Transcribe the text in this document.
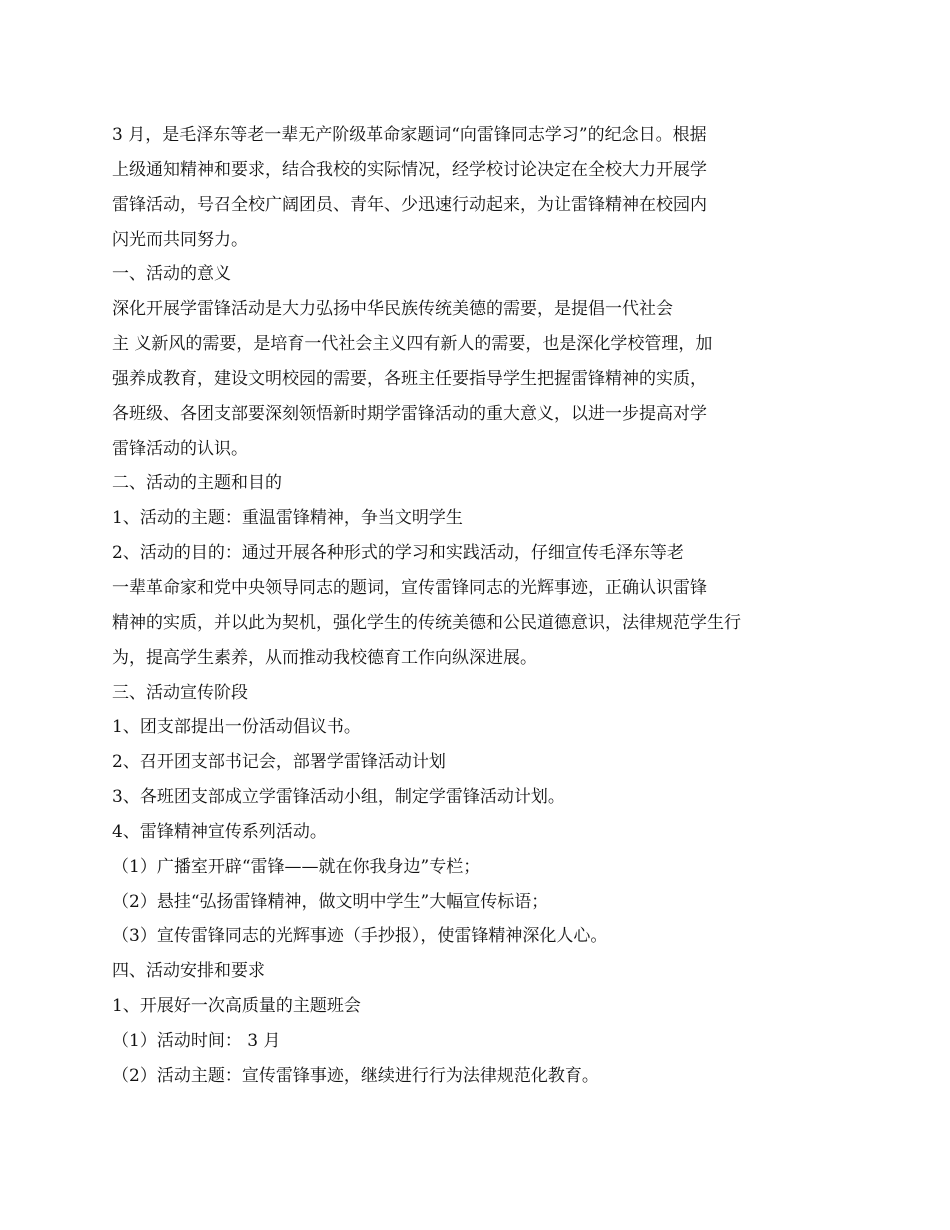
3 月，是毛泽东等老一辈无产阶级革命家题词“向雷锋同志学习”的纪念日。根据
上级通知精神和要求，结合我校的实际情况，经学校讨论决定在全校大力开展学
雷锋活动，号召全校广阔团员、青年、少迅速行动起来，为让雷锋精神在校园内
闪光而共同努力。
一、活动的意义
深化开展学雷锋活动是大力弘扬中华民族传统美德的需要，是提倡一代社会
主 义新风的需要，是培育一代社会主义四有新人的需要，也是深化学校管理，加
强养成教育，建设文明校园的需要，各班主任要指导学生把握雷锋精神的实质，
各班级、各团支部要深刻领悟新时期学雷锋活动的重大意义，以进一步提高对学
雷锋活动的认识。
二、活动的主题和目的
1、活动的主题：重温雷锋精神，争当文明学生
2、活动的目的：通过开展各种形式的学习和实践活动，仔细宣传毛泽东等老
一辈革命家和党中央领导同志的题词，宣传雷锋同志的光辉事迹，正确认识雷锋
精神的实质，并以此为契机，强化学生的传统美德和公民道德意识，法律规范学生行
为，提高学生素养，从而推动我校德育工作向纵深进展。
三、活动宣传阶段
1、团支部提出一份活动倡议书。
2、召开团支部书记会，部署学雷锋活动计划
3、各班团支部成立学雷锋活动小组，制定学雷锋活动计划。
4、雷锋精神宣传系列活动。
（1）广播室开辟“雷锋——就在你我身边”专栏；
（2）悬挂“弘扬雷锋精神，做文明中学生”大幅宣传标语；
（3）宣传雷锋同志的光辉事迹（手抄报），使雷锋精神深化人心。
四、活动安排和要求
1、开展好一次高质量的主题班会
（1）活动时间： 3 月
（2）活动主题：宣传雷锋事迹，继续进行行为法律规范化教育。
